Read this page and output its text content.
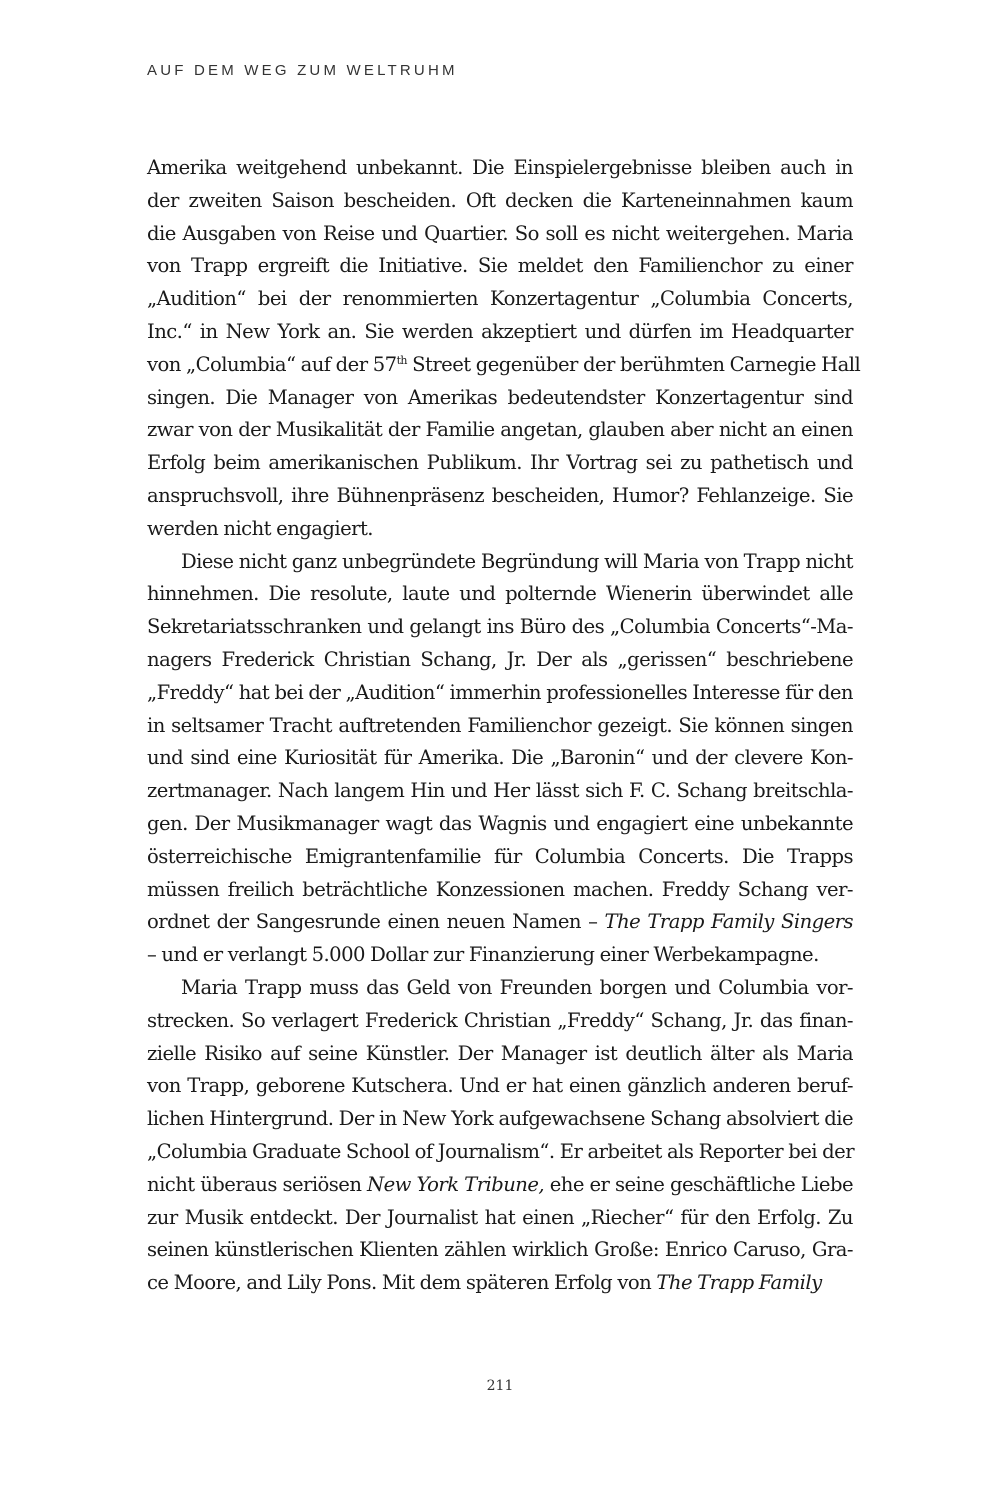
AUF DEM WEG ZUM WELTRUHM
Amerika weitgehend unbekannt. Die Einspielergebnisse bleiben auch in
der zweiten Saison bescheiden. Oft decken die Karteneinnahmen kaum
die Ausgaben von Reise und Quartier. So soll es nicht weitergehen. Maria
von Trapp ergreift die Initiative. Sie meldet den Familienchor zu einer
„Audition“ bei der renommierten Konzertagentur „Columbia Concerts,
Inc.“ in New York an. Sie werden akzeptiert und dürfen im Headquarter
von „Columbia“ auf der 57th Street gegenüber der berühmten Carnegie Hall
singen. Die Manager von Amerikas bedeutendster Konzertagentur sind
zwar von der Musikalität der Familie angetan, glauben aber nicht an einen
Erfolg beim amerikanischen Publikum. Ihr Vortrag sei zu pathetisch und
anspruchsvoll, ihre Bühnenpräsenz bescheiden, Humor? Fehlanzeige. Sie
werden nicht engagiert.
Diese nicht ganz unbegründete Begründung will Maria von Trapp nicht
hinnehmen. Die resolute, laute und polternde Wienerin überwindet alle
Sekretariatsschranken und gelangt ins Büro des „Columbia Concerts“-Ma-
nagers Frederick Christian Schang, Jr. Der als „gerissen“ beschriebene
„Freddy“ hat bei der „Audition“ immerhin professionelles Interesse für den
in seltsamer Tracht auftretenden Familienchor gezeigt. Sie können singen
und sind eine Kuriosität für Amerika. Die „Baronin“ und der clevere Kon-
zertmanager. Nach langem Hin und Her lässt sich F. C. Schang breitschla-
gen. Der Musikmanager wagt das Wagnis und engagiert eine unbekannte
österreichische Emigrantenfamilie für Columbia Concerts. Die Trapps
müssen freilich beträchtliche Konzessionen machen. Freddy Schang ver-
ordnet der Sangesrunde einen neuen Namen – The Trapp Family Singers
– und er verlangt 5.000 Dollar zur Finanzierung einer Werbekampagne.
Maria Trapp muss das Geld von Freunden borgen und Columbia vor-
strecken. So verlagert Frederick Christian „Freddy“ Schang, Jr. das finan-
zielle Risiko auf seine Künstler. Der Manager ist deutlich älter als Maria
von Trapp, geborene Kutschera. Und er hat einen gänzlich anderen beruf-
lichen Hintergrund. Der in New York aufgewachsene Schang absolviert die
„Columbia Graduate School of Journalism“. Er arbeitet als Reporter bei der
nicht überaus seriösen New York Tribune, ehe er seine geschäftliche Liebe
zur Musik entdeckt. Der Journalist hat einen „Riecher“ für den Erfolg. Zu
seinen künstlerischen Klienten zählen wirklich Große: Enrico Caruso, Gra-
ce Moore, and Lily Pons. Mit dem späteren Erfolg von The Trapp Family
211
